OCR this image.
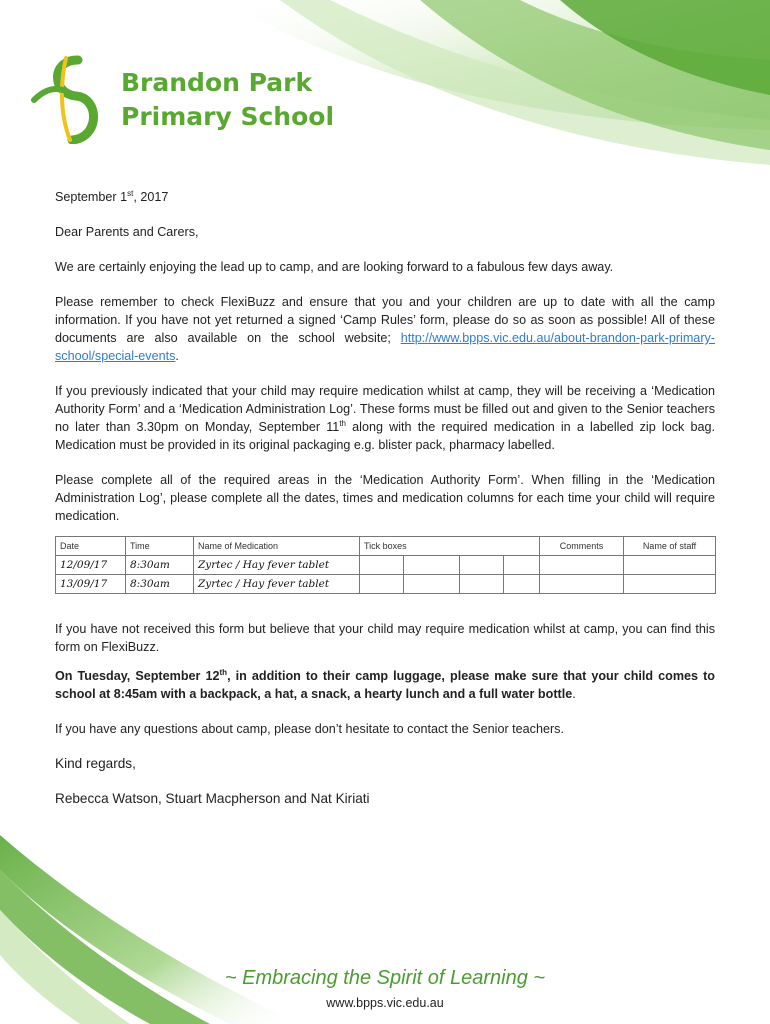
Brandon Park
Primary School

September 1st, 2017

Dear Parents and Carers,

We are certainly enjoying the lead up to camp, and are looking forward to a fabulous few days away.

Please remember to check FlexiBuzz and ensure that you and your children are up to date with all the camp information. If you have not yet returned a signed ‘Camp Rules’ form, please do so as soon as possible! All of these documents are also available on the school website; http://www.bpps.vic.edu.au/about-brandon-park-primary-school/special-events.

If you previously indicated that your child may require medication whilst at camp, they will be receiving a ‘Medication Authority Form’ and a ‘Medication Administration Log’. These forms must be filled out and given to the Senior teachers no later than 3.30pm on Monday, September 11th along with the required medication in a labelled zip lock bag. Medication must be provided in its original packaging e.g. blister pack, pharmacy labelled.

Please complete all of the required areas in the ‘Medication Authority Form’. When filling in the ‘Medication Administration Log’, please complete all the dates, times and medication columns for each time your child will require medication.

Date	Time	Name of Medication	Tick boxes				Comments	Name of staff
12/09/17	8:30am	Zyrtec / Hay fever tablet						
13/09/17	8:30am	Zyrtec / Hay fever tablet						

If you have not received this form but believe that your child may require medication whilst at camp, you can find this form on FlexiBuzz.

On Tuesday, September 12th, in addition to their camp luggage, please make sure that your child comes to school at 8:45am with a backpack, a hat, a snack, a hearty lunch and a full water bottle.

If you have any questions about camp, please don’t hesitate to contact the Senior teachers.

Kind regards,

Rebecca Watson, Stuart Macpherson and Nat Kiriati

~ Embracing the Spirit of Learning ~
www.bpps.vic.edu.au
